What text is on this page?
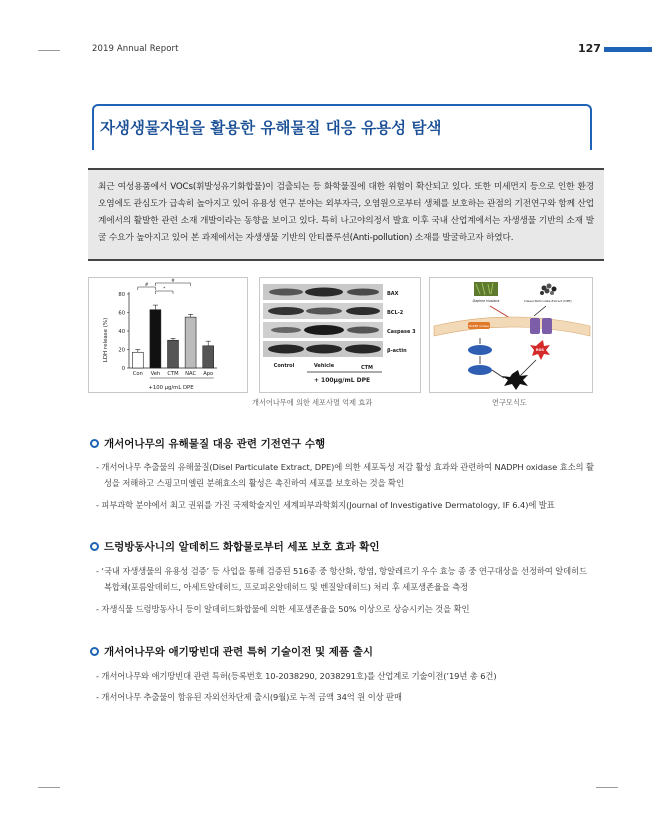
2019 Annual Report	127
자생생물자원을 활용한 유해물질 대응 유용성 탐색
최근 여성용품에서 VOCs(휘발성유기화합물)이 검출되는 등 화학물질에 대한 위험이 확산되고 있다. 또한 미세먼지 등으로 인한 환경오염에도 관심도가 급속히 높아지고 있어 유용성 연구 분야는 외부자극, 오염원으로부터 생체를 보호하는 관점의 기전연구와 함께 산업계에서의 활발한 관련 소재 개발이라는 동향을 보이고 있다. 특히 나고야의정서 발효 이후 국내 산업계에서는 자생생물 기반의 소재 발굴 수요가 높아지고 있어 본 과제에서는 자생생물 기반의 안티폴루션(Anti-pollution) 소재를 발굴하고자 하였다.
LDH release (%)
0
20
40
60
80
Con Veh CTM NAC Apo
#
*
#
+100 μg/mL DPE
BAX
BCL-2
Caspase 3
β-actin
Control	Vehicle	CTM
+ 100μg/mL DPE
Daphne kiusiana	Diesel Particulate Extract (DPE)
NADPH oxidase
ROS
개서어나무에 의한 세포사멸 억제 효과	연구모식도
개서어나무의 유해물질 대응 관련 기전연구 수행
- 개서어나무 추출물의 유해물질(Disel Particulate Extract, DPE)에 의한 세포독성 저감 활성 효과와 관련하여 NADPH oxidase 효소의 활성을 저해하고 스핑고미엘린 분해효소의 활성은 촉진하여 세포를 보호하는 것을 확인
- 피부과학 분야에서 최고 권위를 가진 국제학술지인 세계피부과학회지(Journal of Investigative Dermatology, IF 6.4)에 발표
드렁방동사니의 알데히드 화합물로부터 세포 보호 효과 확인
- ‘국내 자생생물의 유용성 검증’ 등 사업을 통해 검증된 516종 중 항산화, 항염, 항알레르기 우수 효능 종 중 연구대상을 선정하여 알데히드 복합체(포름알데히드, 아세트알데히드, 프로피온알데히드 및 벤질알데히드) 처리 후 세포생존율을 측정
- 자생식물 드렁방동사니 등이 알데히드화합물에 의한 세포생존율을 50% 이상으로 상승시키는 것을 확인
개서어나무와 애기땅빈대 관련 특허 기술이전 및 제품 출시
- 개서어나무와 애기땅빈대 관련 특허(등록번호 10-2038290, 2038291호)를 산업계로 기술이전(’19년 총 6건)
- 개서어나무 추출물이 함유된 자외선차단제 출시(9월)로 누적 금액 34억 원 이상 판매
